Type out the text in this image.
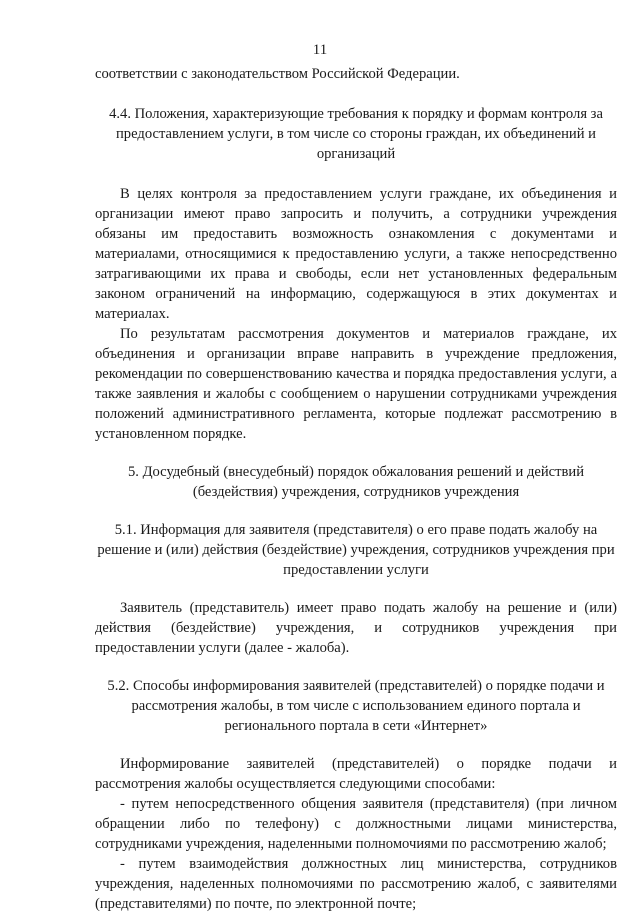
11

соответствии с законодательством Российской Федерации.

4.4. Положения, характеризующие требования к порядку и формам контроля за предоставлением услуги, в том числе со стороны граждан, их объединений и организаций

В целях контроля за предоставлением услуги граждане, их объединения и организации имеют право запросить и получить, а сотрудники учреждения обязаны им предоставить возможность ознакомления с документами и материалами, относящимися к предоставлению услуги, а также непосредственно затрагивающими их права и свободы, если нет установленных федеральным законом ограничений на информацию, содержащуюся в этих документах и материалах.

По результатам рассмотрения документов и материалов граждане, их объединения и организации вправе направить в учреждение предложения, рекомендации по совершенствованию качества и порядка предоставления услуги, а также заявления и жалобы с сообщением о нарушении сотрудниками учреждения положений административного регламента, которые подлежат рассмотрению в установленном порядке.

5. Досудебный (внесудебный) порядок обжалования решений и действий (бездействия) учреждения, сотрудников учреждения

5.1. Информация для заявителя (представителя) о его праве подать жалобу на решение и (или) действия (бездействие) учреждения, сотрудников учреждения при предоставлении услуги

Заявитель (представитель) имеет право подать жалобу на решение и (или) действия (бездействие) учреждения, и сотрудников учреждения при предоставлении услуги (далее - жалоба).

5.2. Способы информирования заявителей (представителей) о порядке подачи и рассмотрения жалобы, в том числе с использованием единого портала и регионального портала в сети «Интернет»

Информирование заявителей (представителей) о порядке подачи и рассмотрения жалобы осуществляется следующими способами:

- путем непосредственного общения заявителя (представителя) (при личном обращении либо по телефону) с должностными лицами министерства, сотрудниками учреждения, наделенными полномочиями по рассмотрению жалоб;

- путем взаимодействия должностных лиц министерства, сотрудников учреждения, наделенных полномочиями по рассмотрению жалоб, с заявителями (представителями) по почте, по электронной почте;
